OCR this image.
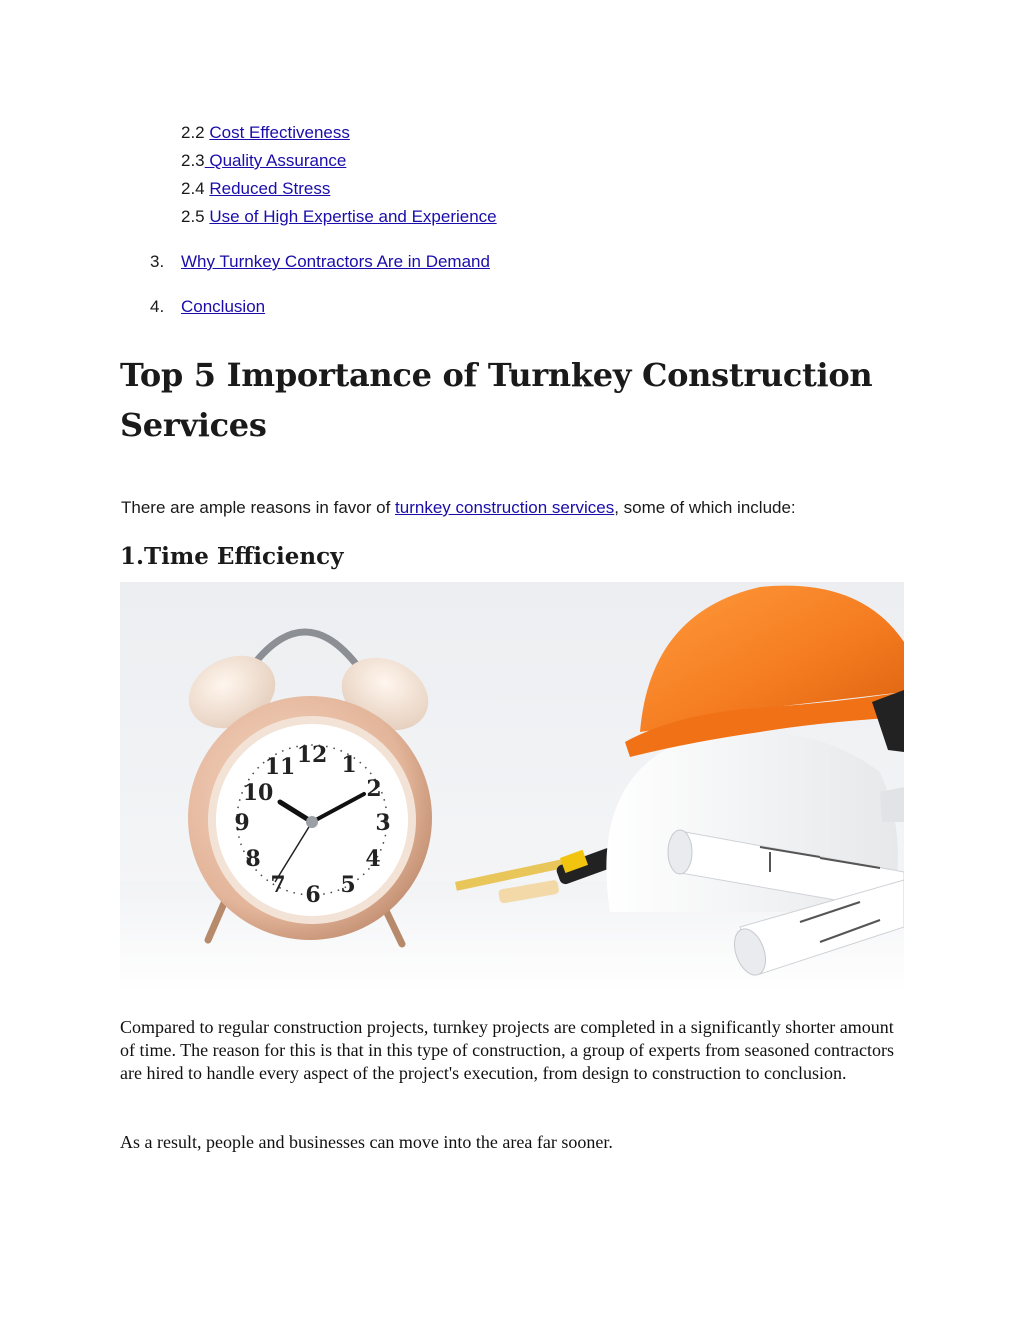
2.2 Cost Effectiveness
2.3 Quality Assurance
2.4 Reduced Stress
2.5 Use of High Expertise and Experience
3. Why Turnkey Contractors Are in Demand
4. Conclusion
Top 5 Importance of Turnkey Construction Services
There are ample reasons in favor of turnkey construction services, some of which include:
1.Time Efficiency
12 1
2
3
4
5
6
7
8
9
10
11

Compared to regular construction projects, turnkey projects are completed in a significantly shorter amount of time. The reason for this is that in this type of construction, a group of experts from seasoned contractors are hired to handle every aspect of the project's execution, from design to construction to conclusion.

As a result, people and businesses can move into the area far sooner.
